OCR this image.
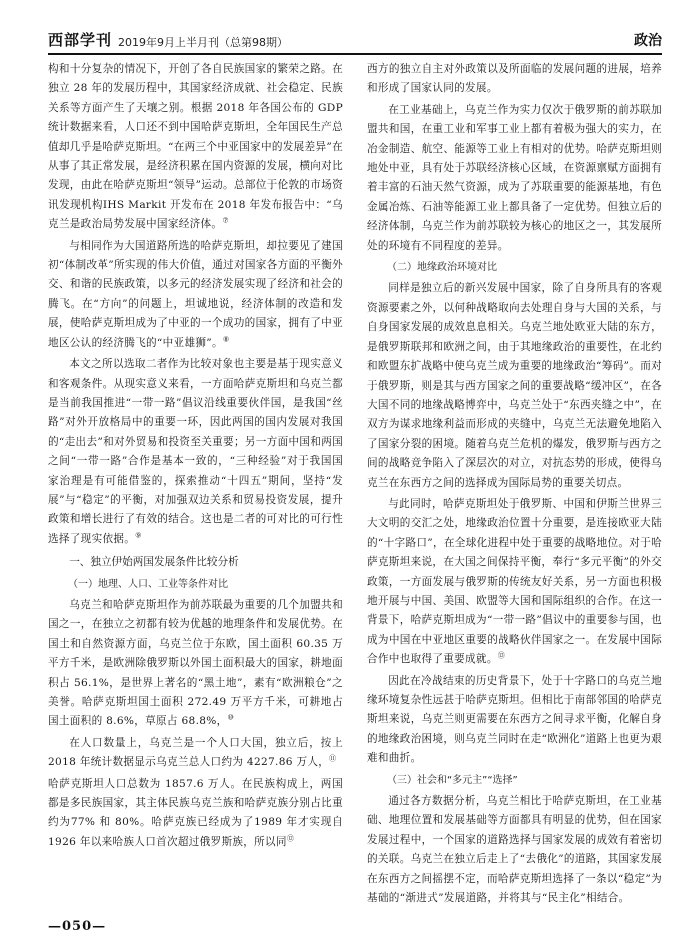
西部学刊 2019年9月上半月刊（总第98期）	政治

构和十分复杂的情况下，开创了各自民族国家的繁荣之路。在独立 28 年的发展历程中，其国家经济成就、社会稳定、民族关系等方面产生了天壤之别。根据 2018 年各国公布的 GDP 统计数据来看，人口还不到中国哈萨克斯坦，全年国民生产总值却几乎是哈萨克斯坦。“在两三个中亚国家中的发展差异”在从事了其正常发展，是经济积累在国内资源的发展，横向对比发现，由此在哈萨克斯坦“领导”运动。总部位于伦敦的市场资讯发现机构IHS Markit 开发布在 2018 年发布报告中：“乌克兰是政治局势发展中国家经济体。⑦

与相同作为大国道路所选的哈萨克斯坦，却拉要见了建国初“体制改革”所实现的伟大价值，通过对国家各方面的平衡外交、和谐的民族政策，以多元的经济发展实现了经济和社会的腾飞。在“方向”的问题上，坦诚地说，经济体制的改造和发展，使哈萨克斯坦成为了中亚的一个成功的国家，拥有了中亚地区公认的经济腾飞的“中亚雄狮”。⑧

本文之所以选取二者作为比较对象也主要是基于现实意义和客观条件。从现实意义来看，一方面哈萨克斯坦和乌克兰都是当前我国推进“一带一路”倡议沿线重要伙伴国，是我国“丝路”对外开放格局中的重要一环，因此两国的国内发展对我国的“走出去”和对外贸易和投资至关重要；另一方面中国和两国之间“一带一路”合作是基本一致的，“三种经验”对于我国国家治理是有可能借鉴的，探索推动“十四五”期间，坚持“发展”与“稳定”的平衡，对加强双边关系和贸易投资发展，提升政策和增长进行了有效的结合。这也是二者的可对比的可行性选择了现实依据。⑨

一、独立伊始两国发展条件比较分析
（一）地理、人口、工业等条件对比

乌克兰和哈萨克斯坦作为前苏联最为重要的几个加盟共和国之一，在独立之初都有较为优越的地理条件和发展优势。在国土和自然资源方面，乌克兰位于东欧，国土面积 60.35 万平方千米，是欧洲除俄罗斯以外国土面积最大的国家，耕地面积占 56.1%，是世界上著名的“黑土地”，素有“欧洲粮仓”之美誉。哈萨克斯坦国土面积 272.49 万平方千米，可耕地占国土面积的 8.6%，草原占 68.8%，⑩

在人口数量上，乌克兰是一个人口大国，独立后，按上 2018 年统计数据显示乌克兰总人口约为 4227.86 万人，⑪

哈萨克斯坦人口总数为 1857.6 万人。在民族构成上，两国都是多民族国家，其主体民族乌克兰族和哈萨克族分别占比重约为77% 和 80%。哈萨克族已经成为了1989 年才实现自 1926 年以来哈族人口首次超过俄罗斯族，所以同⑫

西方的独立自主对外政策以及所面临的发展问题的进展，培养和形成了国家认同的发展。

在工业基础上，乌克兰作为实力仅次于俄罗斯的前苏联加盟共和国，在重工业和军事工业上都有着极为强大的实力，在冶金制造、航空、能源等工业上有相对的优势。哈萨克斯坦则地处中亚，具有处于苏联经济核心区域，在资源禀赋方面拥有着丰富的石油天然气资源，成为了苏联重要的能源基地，有色金属冶炼、石油等能源工业上都具备了一定优势。但独立后的经济体制，乌克兰作为前苏联较为核心的地区之一，其发展所处的环境有不同程度的差异。

（二）地缘政治环境对比

同样是独立后的新兴发展中国家，除了自身所具有的客观资源要素之外，以何种战略取向去处理自身与大国的关系，与自身国家发展的成效息息相关。乌克兰地处欧亚大陆的东方，是俄罗斯联邦和欧洲之间，由于其地缘政治的重要性，在北约和欧盟东扩战略中使乌克兰成为重要的地缘政治“筹码”。而对于俄罗斯，则是其与西方国家之间的重要战略“缓冲区”，在各大国不同的地缘战略博弈中，乌克兰处于“东西夹缝之中”，在双方为谋求地缘利益而形成的夹缝中，乌克兰无法避免地陷入了国家分裂的困境。随着乌克兰危机的爆发，俄罗斯与西方之间的战略竞争陷入了深层次的对立，对抗态势的形成，使得乌克兰在东西方之间的选择成为国际局势的重要关切点。

与此同时，哈萨克斯坦处于俄罗斯、中国和伊斯兰世界三大文明的交汇之处，地缘政治位置十分重要，是连接欧亚大陆的“十字路口”，在全球化进程中处于重要的战略地位。对于哈萨克斯坦来说，在大国之间保持平衡，奉行“多元平衡”的外交政策，一方面发展与俄罗斯的传统友好关系，另一方面也积极地开展与中国、美国、欧盟等大国和国际组织的合作。在这一背景下，哈萨克斯坦成为“一带一路”倡议中的重要参与国，也成为中国在中亚地区重要的战略伙伴国家之一。在发展中国际合作中也取得了重要成就。⑬

因此在冷战结束的历史背景下，处于十字路口的乌克兰地缘环境复杂性远甚于哈萨克斯坦。但相比于南部邻国的哈萨克斯坦来说，乌克兰则更需要在东西方之间寻求平衡，化解自身的地缘政治困境，则乌克兰同时在走“欧洲化”道路上也更为艰难和曲折。

（三）社会和“多元主”“选择”

通过各方数据分析，乌克兰相比于哈萨克斯坦，在工业基础、地理位置和发展基础等方面都具有明显的优势，但在国家发展过程中，一个国家的道路选择与国家发展的成效有着密切的关联。乌克兰在独立后走上了“去俄化”的道路，其国家发展在东西方之间摇摆不定，而哈萨克斯坦选择了一条以“稳定”为基础的“渐进式”发展道路，并将其与“民主化”相结合。

—050—
